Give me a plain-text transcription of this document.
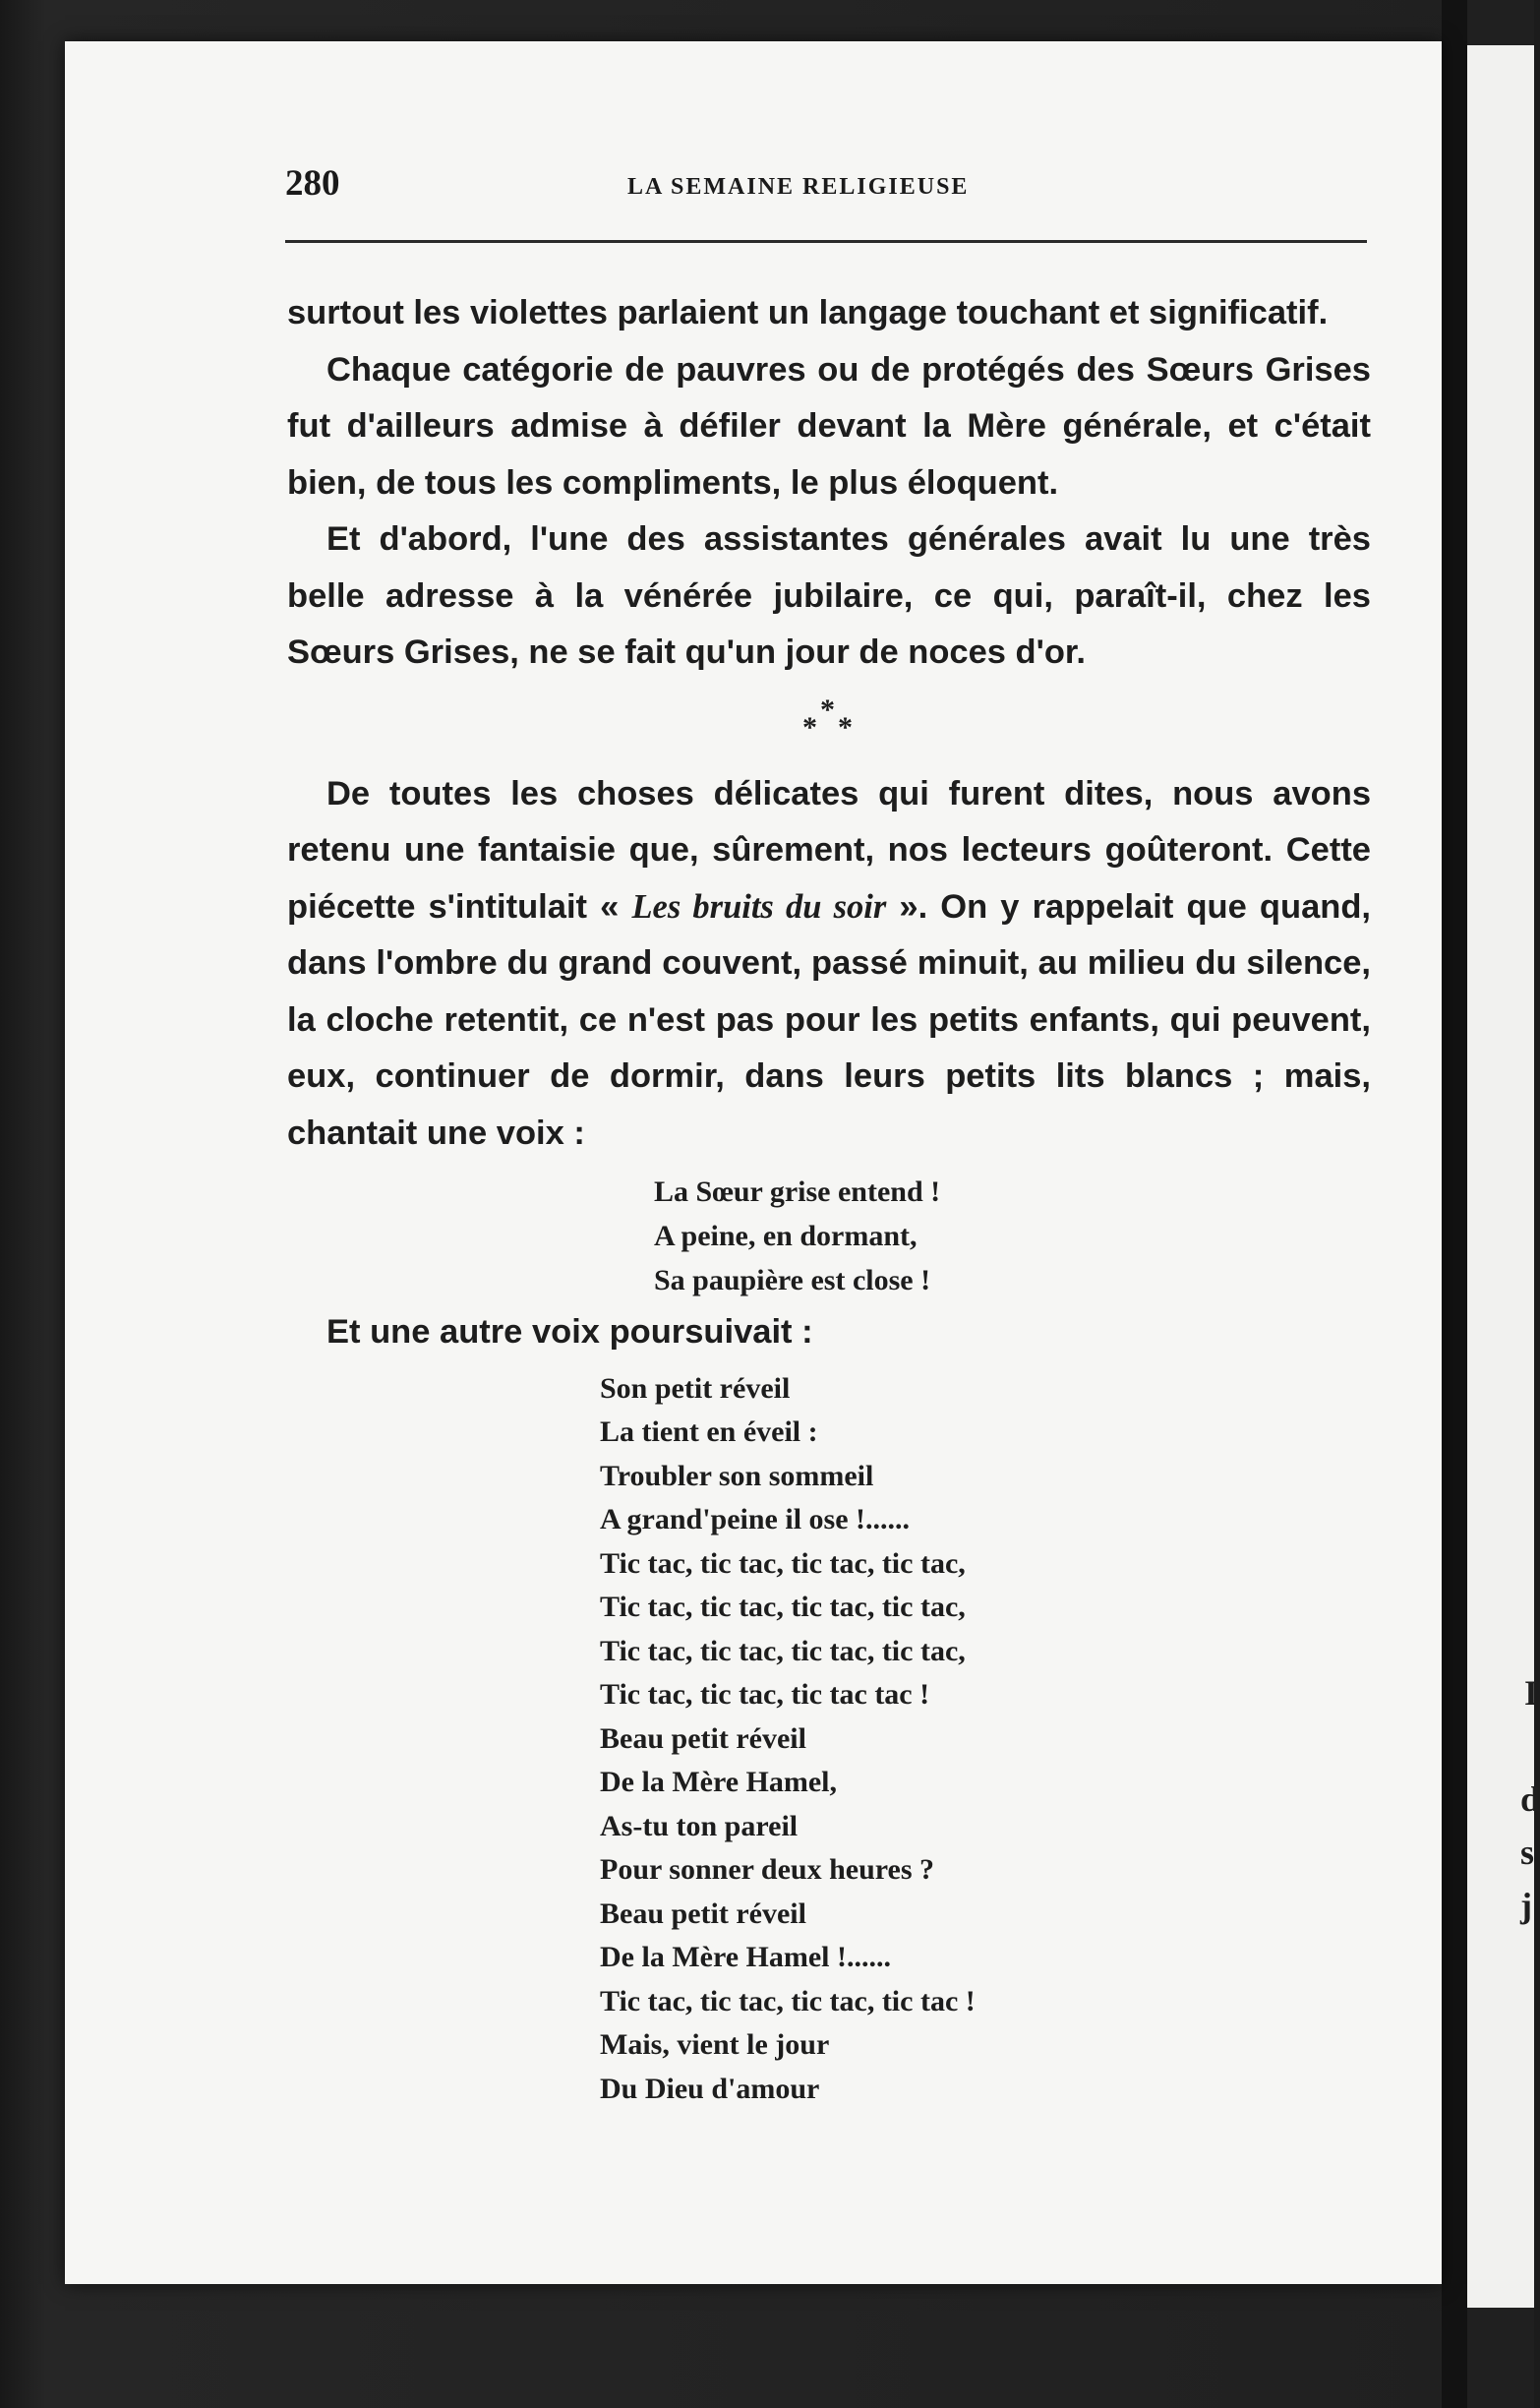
I
d
s
j
280	LA SEMAINE RELIGIEUSE

surtout les violettes parlaient un langage touchant et significatif.

Chaque catégorie de pauvres ou de protégés des Sœurs Grises fut d'ailleurs admise à défiler devant la Mère générale, et c'était bien, de tous les compliments, le plus éloquent.

Et d'abord, l'une des assistantes générales avait lu une très belle adresse à la vénérée jubilaire, ce qui, paraît-il, chez les Sœurs Grises, ne se fait qu'un jour de noces d'or.

*
* *

De toutes les choses délicates qui furent dites, nous avons retenu une fantaisie que, sûrement, nos lecteurs goûteront. Cette piécette s'intitulait « Les bruits du soir ». On y rappelait que quand, dans l'ombre du grand couvent, passé minuit, au milieu du silence, la cloche retentit, ce n'est pas pour les petits enfants, qui peuvent, eux, continuer de dormir, dans leurs petits lits blancs ; mais, chantait une voix :

La Sœur grise entend !
A peine, en dormant,
Sa paupière est close !

Et une autre voix poursuivait :

Son petit réveil
La tient en éveil :
Troubler son sommeil
A grand'peine il ose !......
Tic tac, tic tac, tic tac, tic tac,
Tic tac, tic tac, tic tac, tic tac,
Tic tac, tic tac, tic tac, tic tac,
Tic tac, tic tac, tic tac tac !
Beau petit réveil
De la Mère Hamel,
As-tu ton pareil
Pour sonner deux heures ?
Beau petit réveil
De la Mère Hamel !......
Tic tac, tic tac, tic tac, tic tac !
Mais, vient le jour
Du Dieu d'amour
